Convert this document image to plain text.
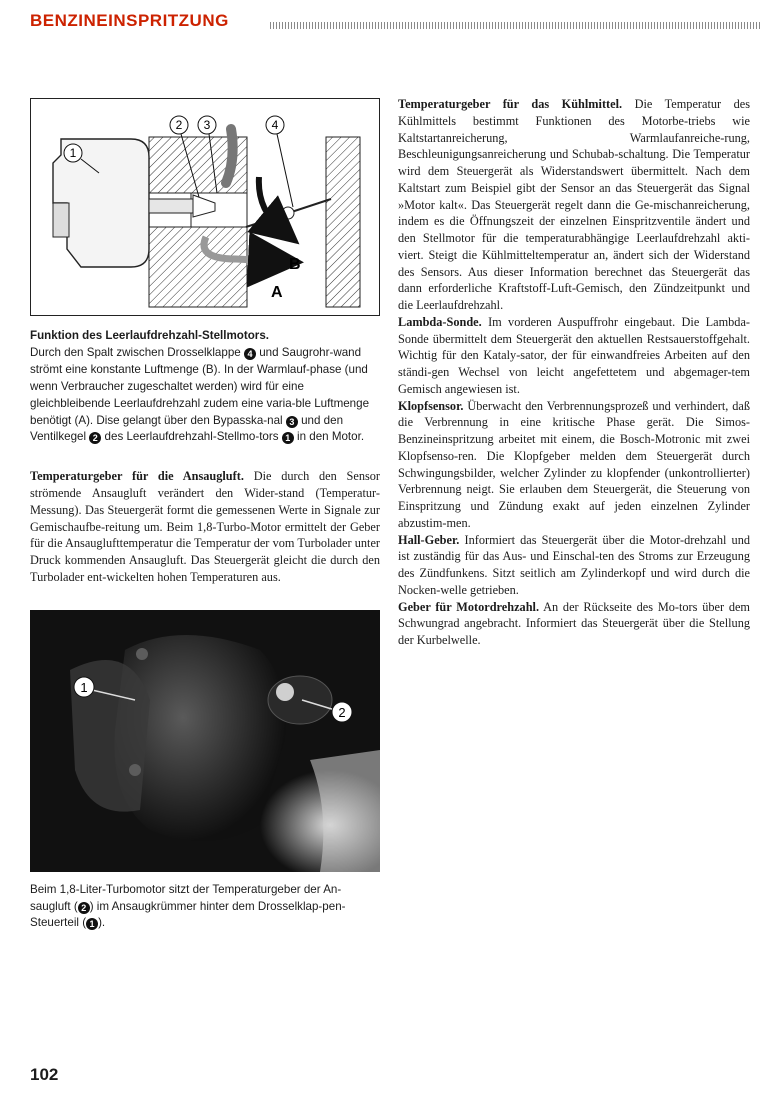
BENZINEINSPRITZUNG
1
2 3	4
B
A

Funktion des Leerlaufdrehzahl-Stellmotors.
Durch den Spalt zwischen Drosselklappe 4 und Saugrohr-wand strömt eine konstante Luftmenge (B). In der Warmlauf-phase (und wenn Verbraucher zugeschaltet werden) wird für eine gleichbleibende Leerlaufdrehzahl zudem eine varia-ble Luftmenge benötigt (A). Dise gelangt über den Bypasska-nal 3 und den Ventilkegel 2 des Leerlaufdrehzahl-Stellmo-tors 1 in den Motor.

Temperaturgeber für die Ansaugluft. Die durch den Sensor strömende Ansaugluft verändert den Wider-stand (Temperatur-Messung). Das Steuergerät formt die gemessenen Werte in Signale zur Gemischaufbe-reitung um. Beim 1,8-Turbo-Motor ermittelt der Geber für die Ansauglufttemperatur die Temperatur der vom Turbolader unter Druck kommenden Ansaugluft. Das Steuergerät gleicht die durch den Turbolader ent-wickelten hohen Temperaturen aus.

1
2

Beim 1,8-Liter-Turbomotor sitzt der Temperaturgeber der An-saugluft ( 2 ) im Ansaugkrümmer hinter dem Drosselklap-pen-Steuerteil ( 1 ).

Temperaturgeber für das Kühlmittel. Die Temperatur des Kühlmittels bestimmt Funktionen des Motorbe-triebs wie Kaltstartanreicherung, Warmlaufanreiche-rung, Beschleunigungsanreicherung und Schubab-schaltung. Die Temperatur wird dem Steuergerät als Widerstandswert übermittelt. Nach dem Kaltstart zum Beispiel gibt der Sensor an das Steuergerät das Signal »Motor kalt«. Das Steuergerät regelt dann die Ge-mischanreicherung, indem es die Öffnungszeit der einzelnen Einspritzventile ändert und den Stellmotor für die temperaturabhängige Leerlaufdrehzahl akti-viert. Steigt die Kühlmitteltemperatur an, ändert sich der Widerstand des Sensors. Aus dieser Information berechnet das Steuergerät das dann erforderliche Kraftstoff-Luft-Gemisch, den Zündzeitpunkt und die Leerlaufdrehzahl.

Lambda-Sonde. Im vorderen Auspuffrohr eingebaut. Die Lambda-Sonde übermittelt dem Steuergerät den aktuellen Restsauerstoffgehalt. Wichtig für den Kataly-sator, der für einwandfreies Arbeiten auf den ständi-gen Wechsel von leicht angefettetem und abgemager-tem Gemisch angewiesen ist.

Klopfsensor. Überwacht den Verbrennungsprozeß und verhindert, daß die Verbrennung in eine kritische Phase gerät. Die Simos-Benzineinspritzung arbeitet mit einem, die Bosch-Motronic mit zwei Klopfsenso-ren. Die Klopfgeber melden dem Steuergerät durch Schwingungsbilder, welcher Zylinder zu klopfender (unkontrollierter) Verbrennung neigt. Sie erlauben dem Steuergerät, die Steuerung von Einspritzung und Zündung exakt auf jeden einzelnen Zylinder abzustim-men.

Hall-Geber. Informiert das Steuergerät über die Motor-drehzahl und ist zuständig für das Aus- und Einschal-ten des Stroms zur Erzeugung des Zündfunkens. Sitzt seitlich am Zylinderkopf und wird durch die Nocken-welle getrieben.

Geber für Motordrehzahl. An der Rückseite des Mo-tors über dem Schwungrad angebracht. Informiert das Steuergerät über die Stellung der Kurbelwelle.

102
